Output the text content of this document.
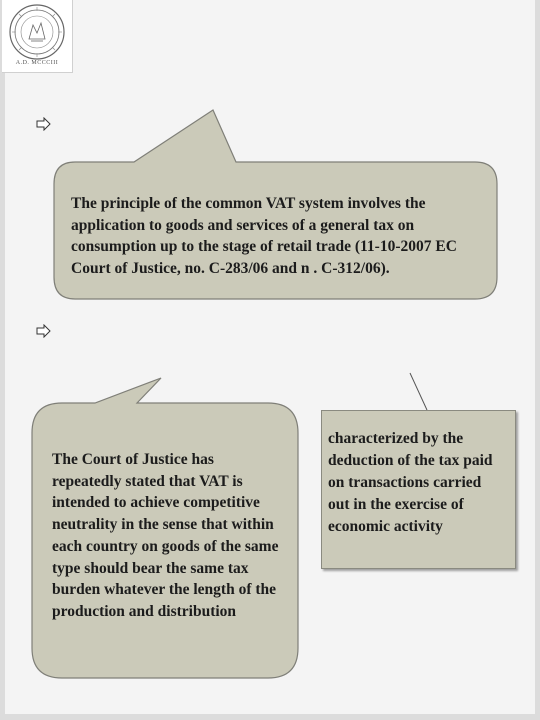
A.D. MCCCIII
The principle of the common VAT system involves the application to goods and services of a general tax on consumption up to the stage of retail trade (11-10-2007 EC Court of Justice, no. C-283/06 and n . C-312/06).
The Court of Justice has repeatedly stated that VAT is intended to achieve competitive neutrality in the sense that within each country on goods of the same type should bear the same tax burden whatever the length of the production and distribution
characterized by the deduction of the tax paid on transactions carried out in the exercise of economic activity
